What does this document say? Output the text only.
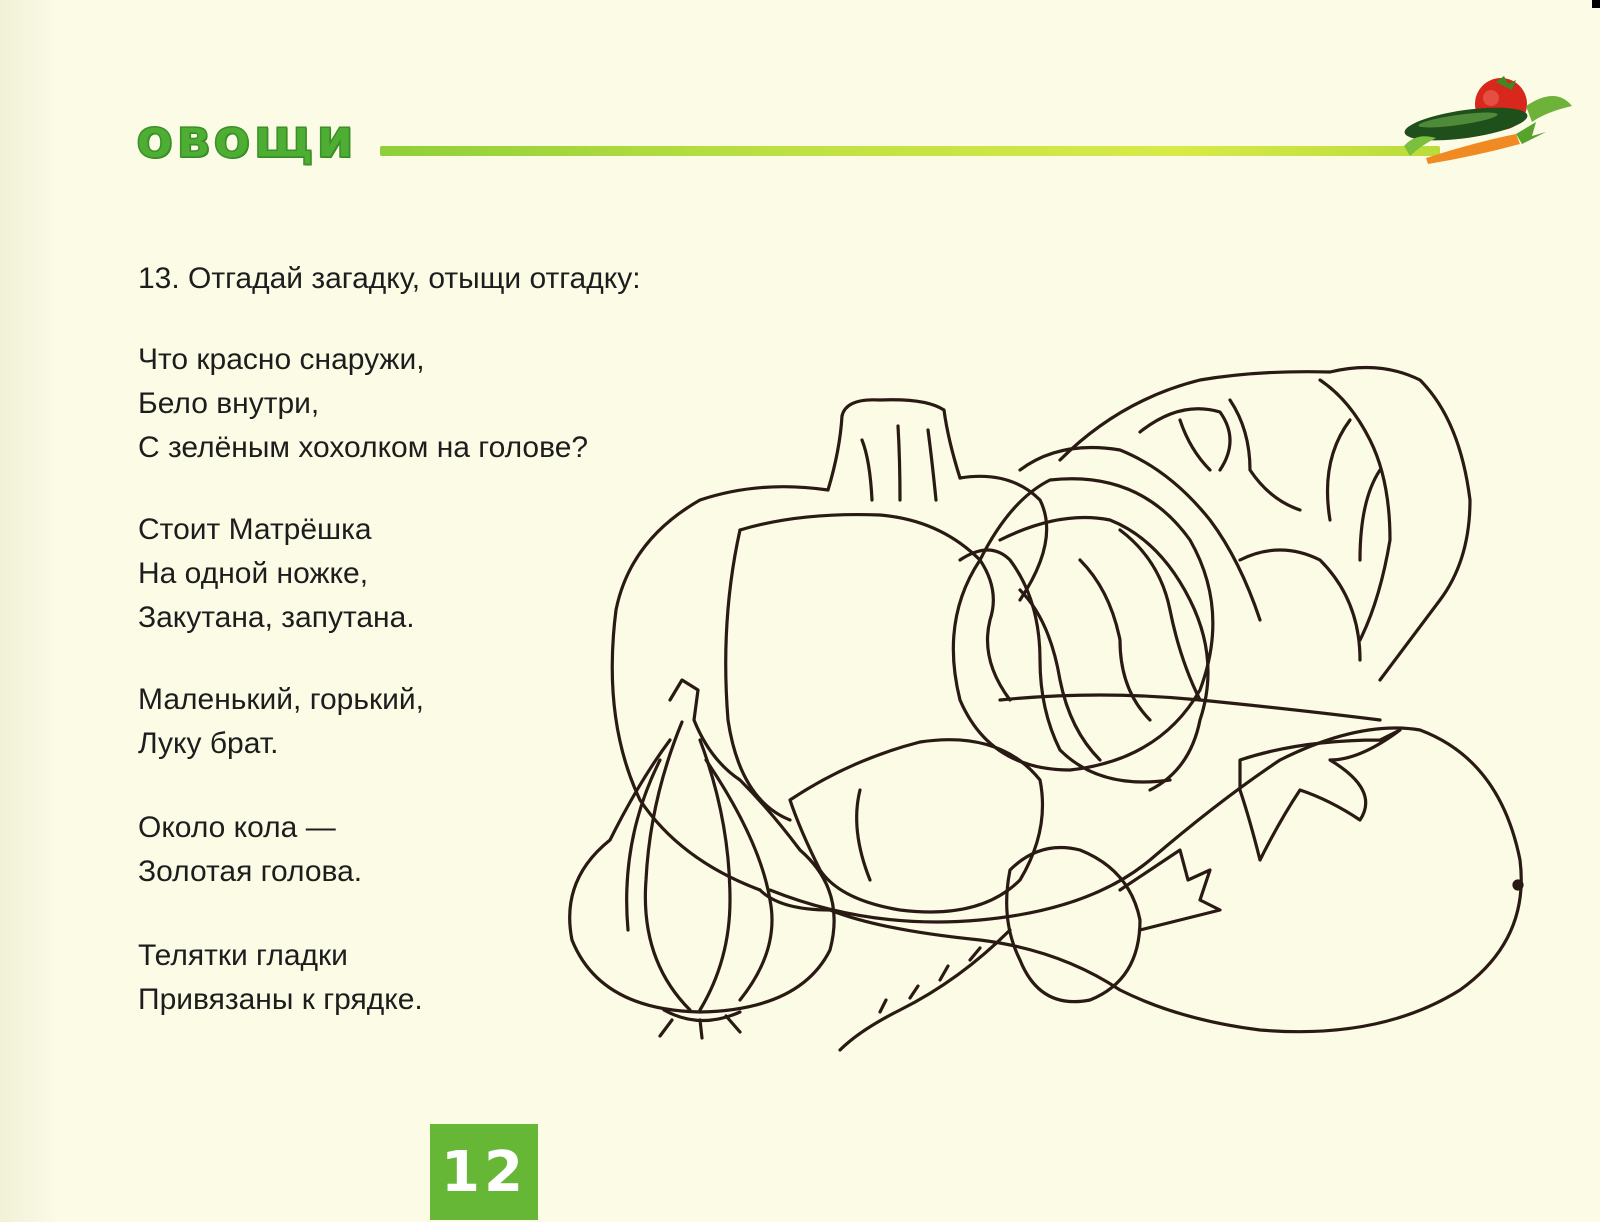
овощи
13. Отгадай загадку, отыщи отгадку:
Что красно снаружи,
Бело внутри,
С зелёным хохолком на голове?
Стоит Матрёшка
На одной ножке,
Закутана, запутана.
Маленький, горький,
Луку брат.
Около кола —
Золотая голова.
Телятки гладки
Привязаны к грядке.
12
